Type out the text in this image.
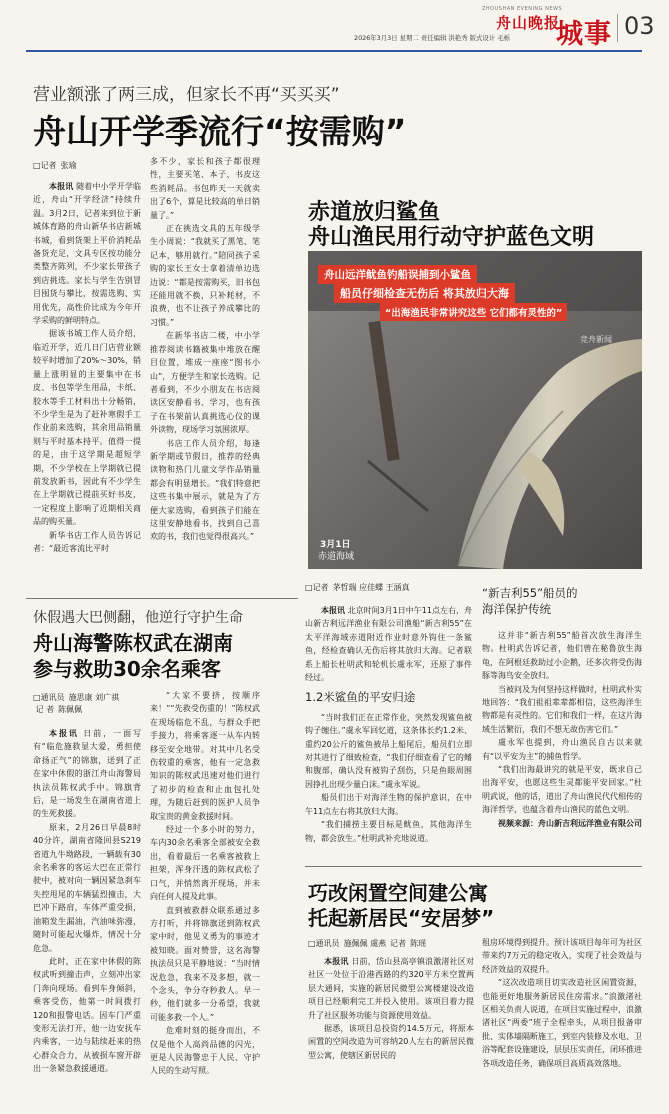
ZHOUSHAN EVENING NEWS
舟山晚报
城事 03
2026年3月3日 星期二 责任编辑 洪艳秀 版式设计 毛栎
营业额涨了两三成，但家长不再“买买买”
舟山开学季流行“按需购”
□记者 张瑜

本报讯 随着中小学开学临近，舟山“开学经济”持续升温。3月2日，记者来到位于新城体育路的舟山新华书店新城书城，看到货架上平价消耗品备货充足，文具专区按功能分类整齐陈列，不少家长带孩子到店挑选。家长与学生告别冒目囤货与攀比，按需选购、实用优先，高性价比成为今年开学采购的鲜明特点。

据该书城工作人员介绍，临近开学，近几日门店营业额较平时增加了20%～30%，销量上涨明显的主要集中在书皮、书包等学生用品，卡纸、胶水等手工材料出十分畅销，不少学生是为了赶补寒假手工作业前来选购，其余用品销量则与平时基本持平。值得一提的是，由于这学期是超短学期，不少学校在上学期就已提前发放新书，因此有不少学生在上学期就已提前买好书皮，一定程度上影响了近期相关商品的购买量。

新华书店工作人员告诉记者：“最近客流比平时

多不少，家长和孩子都很理性，主要买笔、本子、书皮这些消耗品。书包昨天一天就卖出了6个，算是比较高的单日销量了。”

正在挑选文具的五年级学生小周说：“我就买了黑笔、笔记本，够用就行。”陪同孩子采购的家长王女士拿着清单边选边说：“都是按需购买，旧书包还能用就不换，只补耗材，不浪费，也不让孩子养成攀比的习惯。”

在新华书店二楼，中小学推荐阅读书籍被集中堆放在醒目位置，堆成一座座“图书小山”，方便学生和家长选购。记者看到，不少小朋友在书店阅读区安静看书、学习，也有孩子在书架前认真挑选心仪的课外读物，现场学习氛围浓厚。

书店工作人员介绍，每逢新学期或节假日，推荐的经典读物和热门儿童文学作品销量都会有明显增长。“我们特意把这些书集中展示，就是为了方便大家选购，看到孩子们能在这里安静地看书，找到自己喜欢的书，我们也觉得很高兴。”

赤道放归鲨鱼
舟山渔民用行动守护蓝色文明
舟山远洋鱿鱼钓船误捕到小鲨鱼
船员仔细检查无伤后 将其放归大海
“出海渔民非常讲究这些 它们都有灵性的”
竞舟新闻
3月1日
赤道海域
□记者 茅哲瑞 应佳蝶 王涵真

本报讯 北京时间3月1日中午11点左右，舟山新吉利远洋渔业有限公司渔船“新吉利55”在太平洋海域赤道附近作业时意外钩住一条鲨鱼，经检查确认无伤后将其放归大海。记者联系上船长杜明武和轮机长虞永军，还原了事件经过。

1.2米鲨鱼的平安归途

“当时我们正在正常作业，突然发现鲨鱼被钩子缠住。”虞永军回忆道，这条体长约1.2米、重约20公斤的鲨鱼被吊上船尾后，船员们立即对其进行了细致检查，“我们仔细查看了它的鳍和腹部，确认没有被钩子刮伤，只是鱼眼周围因挣扎出现少量白沫。”虞永军说。

船员们出于对海洋生物的保护意识，在中午11点左右将其放归大海。

“我们捕捞主要目标是鱿鱼，其他海洋生物，都会放生。”杜明武补充地说道。

“新吉利55”船员的
海洋保护传统

这并非“新吉利55”船首次放生海洋生物。杜明武告诉记者，他们曾在秘鲁放生海龟，在阿根廷救助过小企鹅，还多次将受伤海豚等海鸟安全放归。

当被问及为何坚持这样做时，杜明武朴实地回答：“我们祖祖辈辈都相信，这些海洋生物都是有灵性的。它们和我们一样，在这片海域生活繁衍，我们不想无故伤害它们。”

虞永军也提到，舟山渔民自古以来就有“以平安为主”的捕鱼哲学。

“我们出海最讲究的就是平安，既求自己出海平安，也愿这些生灵都能平安回家。”杜明武说，他的话，道出了舟山渔民代代相传的海洋哲学，也蕴含着舟山渔民的蓝色文明。

视频来源：舟山新吉利远洋渔业有限公司

休假遇大巴侧翻，他逆行守护生命
舟山海警陈权武在湖南
参与救助30余名乘客
□通讯员 施思康 刘广祺
记 者 陈佩佩

本报讯 日前，一面写有“临危施救显大爱，勇担使命扬正气”的锦旗，送到了正在家中休假的浙江舟山海警局执法员陈权武手中。锦旗背后，是一场发生在湖南省道上的生死救援。

原来，2月26日早晨8时40分许，湖南省隆回县S219省道九牛坳路段，一辆载有30余名乘客的客运大巴在正常行驶中，被对向一辆因紧急刹车失控甩尾的车辆猛烈撞击，大巴冲下路肩，车体严重受损，油箱发生漏油，汽油味弥漫，随时可能起火爆炸，情况十分危急。

此时，正在家中休假的陈权武听到撞击声，立刻冲出家门奔向现场。看到车身倾斜，乘客受伤，他第一时间拨打120和报警电话。因车门严重变形无法打开，他一边安抚车内乘客，一边与陆续赶来的热心群众合力，从被损车窗开辟出一条紧急救援通道。

“大家不要挤，按顺序来！”“先救受伤重的！”陈权武在现场临危不乱，与群众手把手接力，将乘客逐一从车内转移至安全地带。对其中几名受伤较重的乘客，他有一定急救知识的陈权武迅速对他们进行了初步的检查和止血包扎处理，为随后赶到的医护人员争取宝贵的黄金救援时间。

经过一个多小时的努力，车内30余名乘客全部被安全救出，看着最后一名乘客被救上担架，浑身汗透的陈权武松了口气，并悄然离开现场，并未向任何人提及此事。

直到被救群众联系通过多方打听，并将锦旗送到陈权武家中时，他见义勇为的事迹才被知晓。面对赞誉，这名海警执法员只是平静地说：“当时情况危急，我来不及多想，就一个念头，争分夺秒救人。早一秒，他们就多一分希望，我就可能多救一个人。”

危难时刻的挺身而出，不仅是他个人高尚品德的闪光，更是人民海警忠于人民、守护人民的生动写照。

巧改闲置空间建公寓
托起新居民“安居梦”
□通讯员 施佩佩 虞燕 记者 陈瑶

本报讯 日前，岱山县高亭镇浪激渚社区对社区一处位于沿港西路的约320平方米空置两层大通间，实施的新居民微型公寓楼建设改造项目已经顺利完工并投入使用。该项目着力提升了社区服务功能与资源使用效益。

据悉，该项目总投资约14.5万元，将原本闲置的空间改造为可容纳20人左右的新居民微型公寓，使辖区新居民的

租房环境得到提升。预计该项目每年可为社区带来约7万元的稳定收入，实现了社会效益与经济效益的双提升。

“这次改造项目切实改造社区闲置资源，也能更好地服务新居民住房需求。”浪激渚社区相关负责人说道，在项目实施过程中，浪激渚社区“两委”班子全程牵头，从项目报备审批、实体墙隔断施工，到室内装修及水电、卫浴等配套设施建设，层层压实责任，闭环推进各项改造任务，确保项目高质高效落地。
